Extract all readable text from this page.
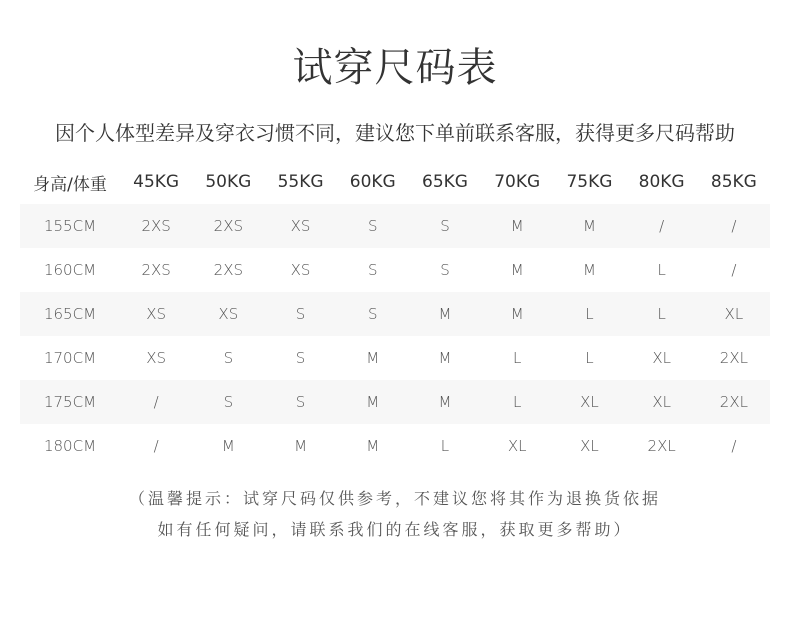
试穿尺码表
因个人体型差异及穿衣习惯不同，建议您下单前联系客服，获得更多尺码帮助
身高/体重	45KG	50KG	55KG	60KG	65KG	70KG	75KG	80KG	85KG
155CM	2XS	2XS	XS	S	S	M	M	/	/
160CM	2XS	2XS	XS	S	S	M	M	L	/
165CM	XS	XS	S	S	M	M	L	L	XL
170CM	XS	S	S	M	M	L	L	XL	2XL
175CM	/	S	S	M	M	L	XL	XL	2XL
180CM	/	M	M	M	L	XL	XL	2XL	/
（温馨提示：试穿尺码仅供参考，不建议您将其作为退换货依据
如有任何疑问，请联系我们的在线客服，获取更多帮助）
